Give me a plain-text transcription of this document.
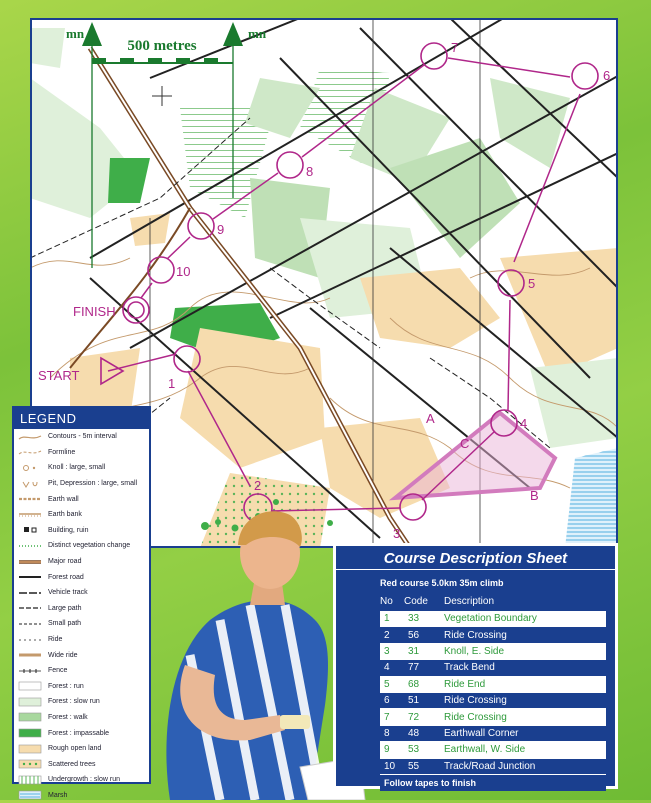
500 metres
mn	mn
1
2
3
4
5
6
7
8
9
10
FINISH
START
A
B
C
LEGEND
Contours - 5m interval
Formline
Knoll : large, small
Pit, Depression : large, small
Earth wall
Earth bank
Building, ruin
Distinct vegetation change
Major road
Forest road
Vehicle track
Large path
Small path
Ride
Wide ride
Fence
Forest : run
Forest : slow run
Forest : walk
Forest : impassable
Rough open land
Scattered trees
Undergrowth : slow run
Marsh
Course Description Sheet
Red course 5.0km 35m climb
No	Code	Description
1	33	Vegetation Boundary
2	56	Ride Crossing
3	31	Knoll, E. Side
4	77	Track Bend
5	68	Ride End
6	51	Ride Crossing
7	72	Ride Crossing
8	48	Earthwall Corner
9	53	Earthwall, W. Side
10	55	Track/Road Junction
Follow tapes to finish
